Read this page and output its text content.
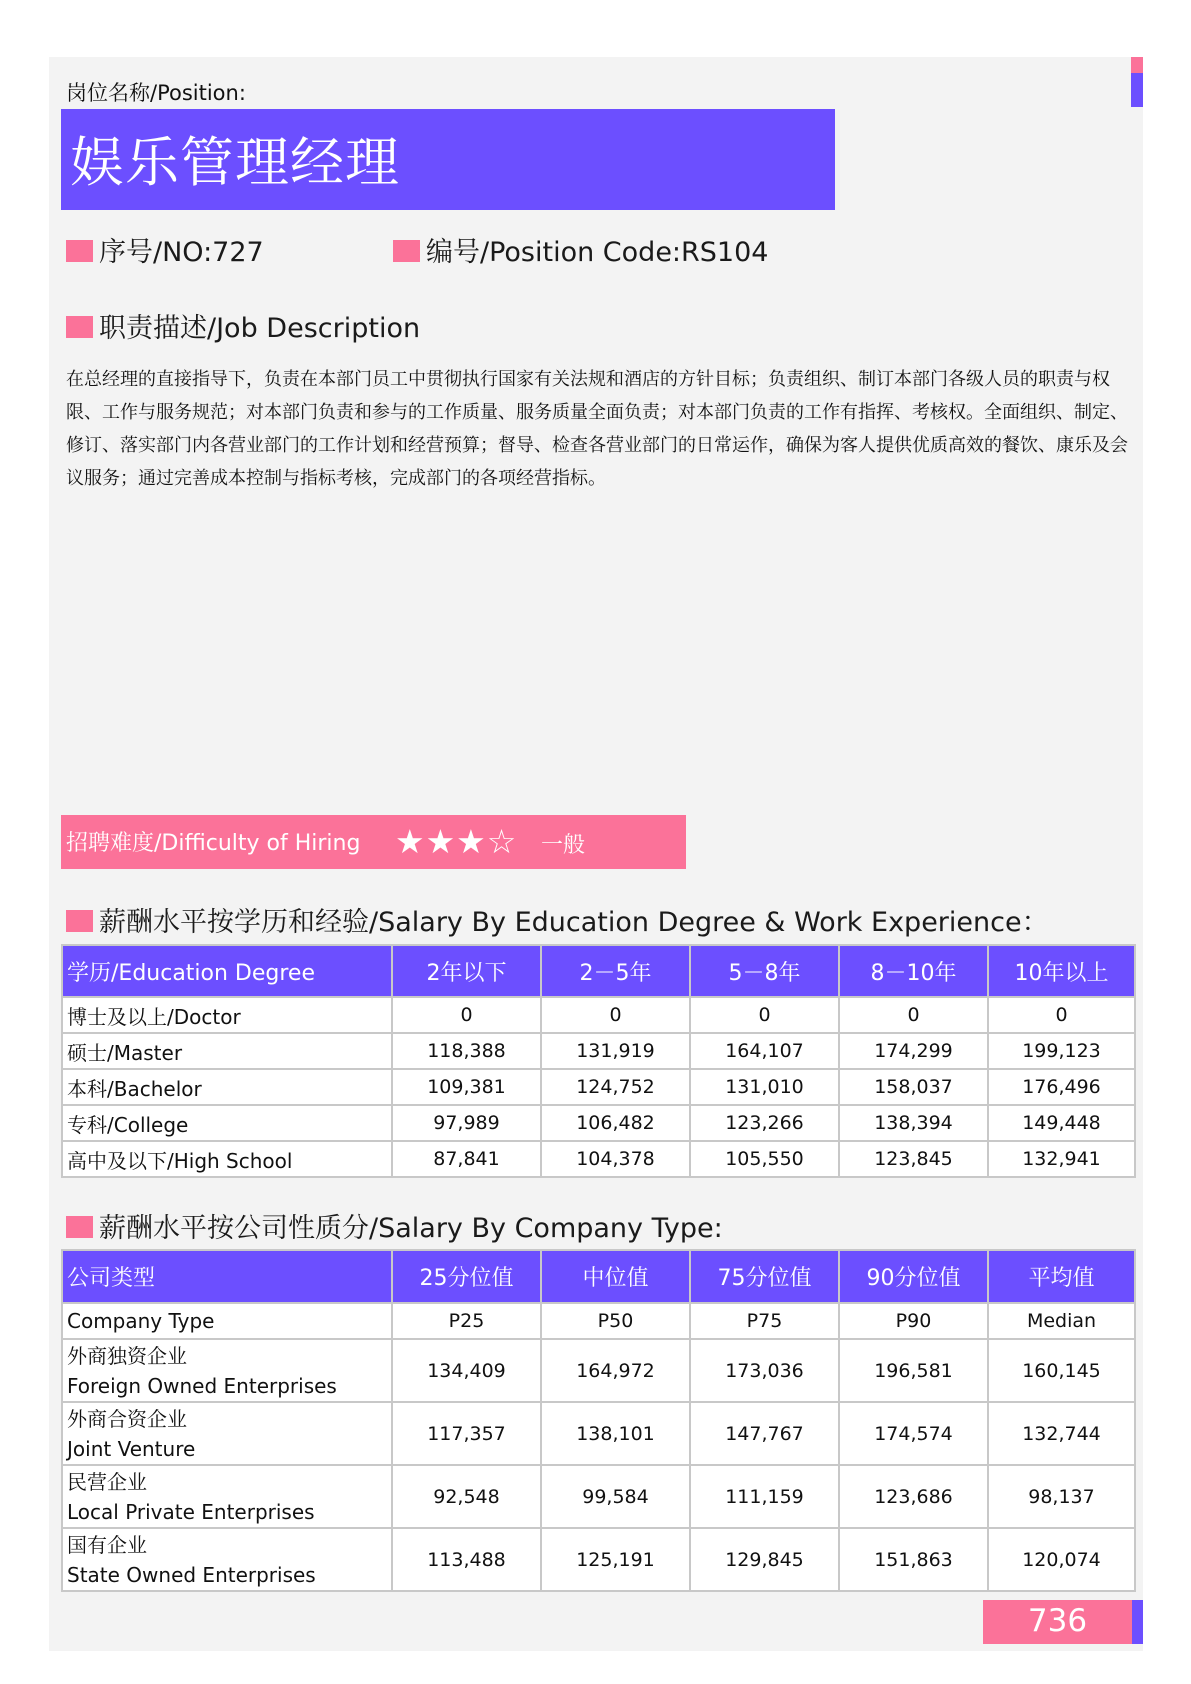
岗位名称/Position:
娱乐管理经理
序号/NO:727	编号/Position Code:RS104
职责描述/Job Description
在总经理的直接指导下，负责在本部门员工中贯彻执行国家有关法规和酒店的方针目标；负责组织、制订本部门各级人员的职责与权限、工作与服务规范；对本部门负责和参与的工作质量、服务质量全面负责；对本部门负责的工作有指挥、考核权。全面组织、制定、修订、落实部门内各营业部门的工作计划和经营预算；督导、检查各营业部门的日常运作，确保为客人提供优质高效的餐饮、康乐及会议服务；通过完善成本控制与指标考核，完成部门的各项经营指标。
招聘难度/Difficulty of Hiring ★★★☆ 一般
薪酬水平按学历和经验/Salary By Education Degree & Work Experience：
学历/Education Degree	2年以下	2－5年	5－8年	8－10年	10年以上
博士及以上/Doctor	0	0	0	0	0
硕士/Master	118,388	131,919	164,107	174,299	199,123
本科/Bachelor	109,381	124,752	131,010	158,037	176,496
专科/College	97,989	106,482	123,266	138,394	149,448
高中及以下/High School	87,841	104,378	105,550	123,845	132,941
薪酬水平按公司性质分/Salary By Company Type:
公司类型	25分位值	中位值	75分位值	90分位值	平均值
Company Type	P25	P50	P75	P90	Median

外商独资企业
Foreign Owned Enterprises	134,409	164,972	173,036	196,581	160,145

外商合资企业
Joint Venture	117,357	138,101	147,767	174,574	132,744

民营企业
Local Private Enterprises	92,548	99,584	111,159	123,686	98,137

国有企业
State Owned Enterprises	113,488	125,191	129,845	151,863	120,074
736
